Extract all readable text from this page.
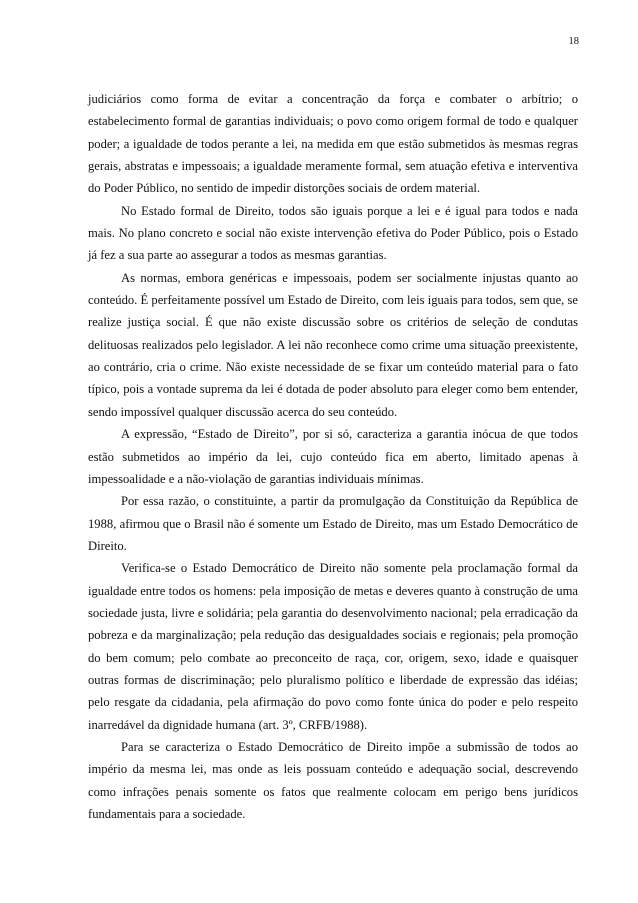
18

judiciários como forma de evitar a concentração da força e combater o arbítrio; o estabelecimento formal de garantias individuais; o povo como origem formal de todo e qualquer poder; a igualdade de todos perante a lei, na medida em que estão submetidos às mesmas regras gerais, abstratas e impessoais; a igualdade meramente formal, sem atuação efetiva e interventiva do Poder Público, no sentido de impedir distorções sociais de ordem material.

No Estado formal de Direito, todos são iguais porque a lei e é igual para todos e nada mais. No plano concreto e social não existe intervenção efetiva do Poder Público, pois o Estado já fez a sua parte ao assegurar a todos as mesmas garantias.

As normas, embora genéricas e impessoais, podem ser socialmente injustas quanto ao conteúdo. É perfeitamente possível um Estado de Direito, com leis iguais para todos, sem que, se realize justiça social. É que não existe discussão sobre os critérios de seleção de condutas delituosas realizados pelo legislador. A lei não reconhece como crime uma situação preexistente, ao contrário, cria o crime. Não existe necessidade de se fixar um conteúdo material para o fato típico, pois a vontade suprema da lei é dotada de poder absoluto para eleger como bem entender, sendo impossível qualquer discussão acerca do seu conteúdo.

A expressão, “Estado de Direito”, por si só, caracteriza a garantia inócua de que todos estão submetidos ao império da lei, cujo conteúdo fica em aberto, limitado apenas à impessoalidade e a não-violação de garantias individuais mínimas.

Por essa razão, o constituinte, a partir da promulgação da Constituição da República de 1988, afirmou que o Brasil não é somente um Estado de Direito, mas um Estado Democrático de Direito.

Verifica-se o Estado Democrático de Direito não somente pela proclamação formal da igualdade entre todos os homens: pela imposição de metas e deveres quanto à construção de uma sociedade justa, livre e solidária; pela garantia do desenvolvimento nacional; pela erradicação da pobreza e da marginalização; pela redução das desigualdades sociais e regionais; pela promoção do bem comum; pelo combate ao preconceito de raça, cor, origem, sexo, idade e quaisquer outras formas de discriminação; pelo pluralismo político e liberdade de expressão das idéias; pelo resgate da cidadania, pela afirmação do povo como fonte única do poder e pelo respeito inarredável da dignidade humana (art. 3º, CRFB/1988).

Para se caracteriza o Estado Democrático de Direito impõe a submissão de todos ao império da mesma lei, mas onde as leis possuam conteúdo e adequação social, descrevendo como infrações penais somente os fatos que realmente colocam em perigo bens jurídicos fundamentais para a sociedade.
